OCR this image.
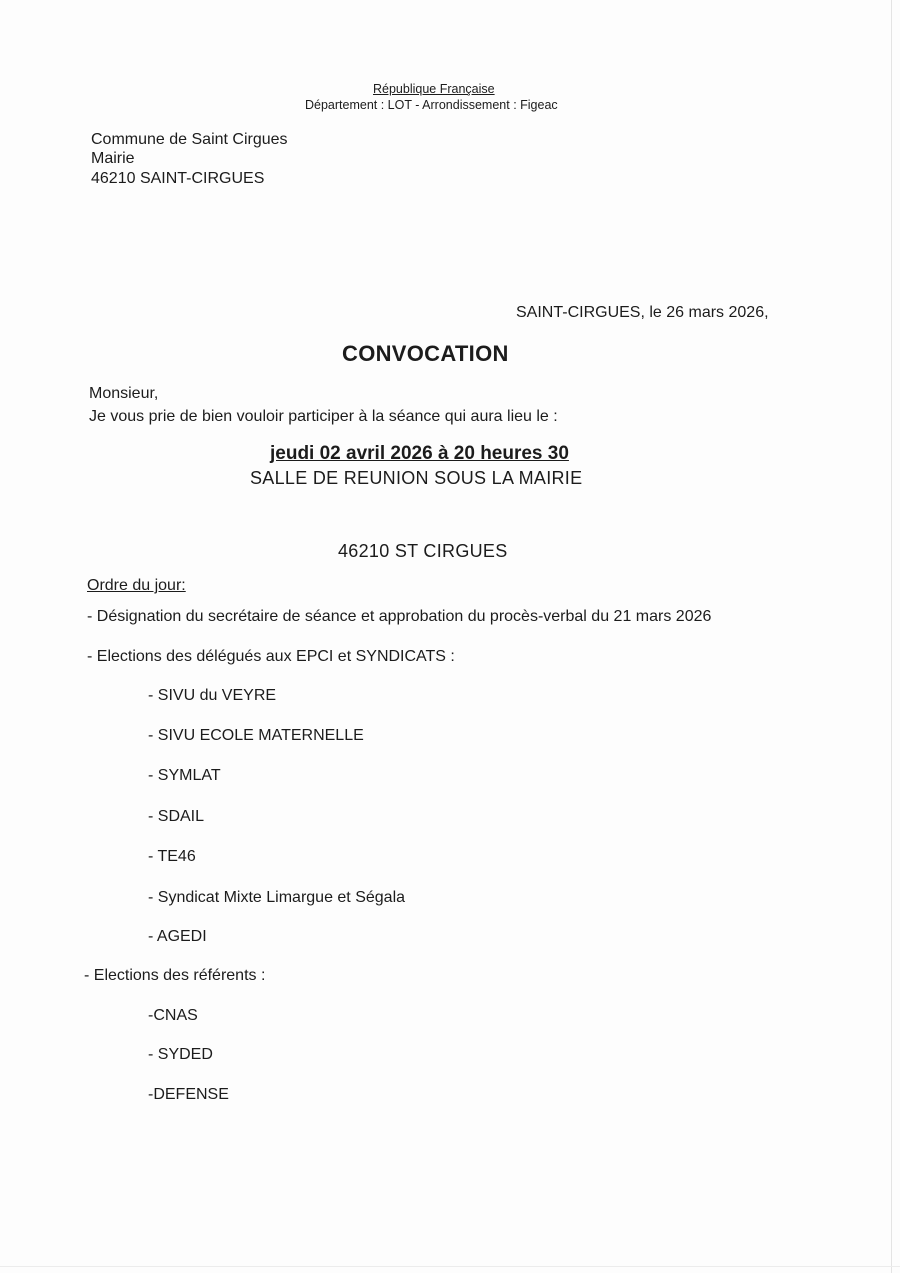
République Française
Département : LOT - Arrondissement : Figeac
Commune de Saint Cirgues
Mairie
46210 SAINT-CIRGUES
SAINT-CIRGUES, le 26 mars 2026,
CONVOCATION
Monsieur,
Je vous prie de bien vouloir participer à la séance qui aura lieu le :
jeudi 02 avril 2026 à 20 heures 30
SALLE DE REUNION SOUS LA MAIRIE
46210 ST CIRGUES
Ordre du jour:
- Désignation du secrétaire de séance et approbation du procès-verbal du 21 mars 2026
- Elections des délégués aux EPCI et SYNDICATS :
- SIVU du VEYRE
- SIVU ECOLE MATERNELLE
- SYMLAT
- SDAIL
- TE46
- Syndicat Mixte Limargue et Ségala
- AGEDI
- Elections des référents :
-CNAS
- SYDED
-DEFENSE
